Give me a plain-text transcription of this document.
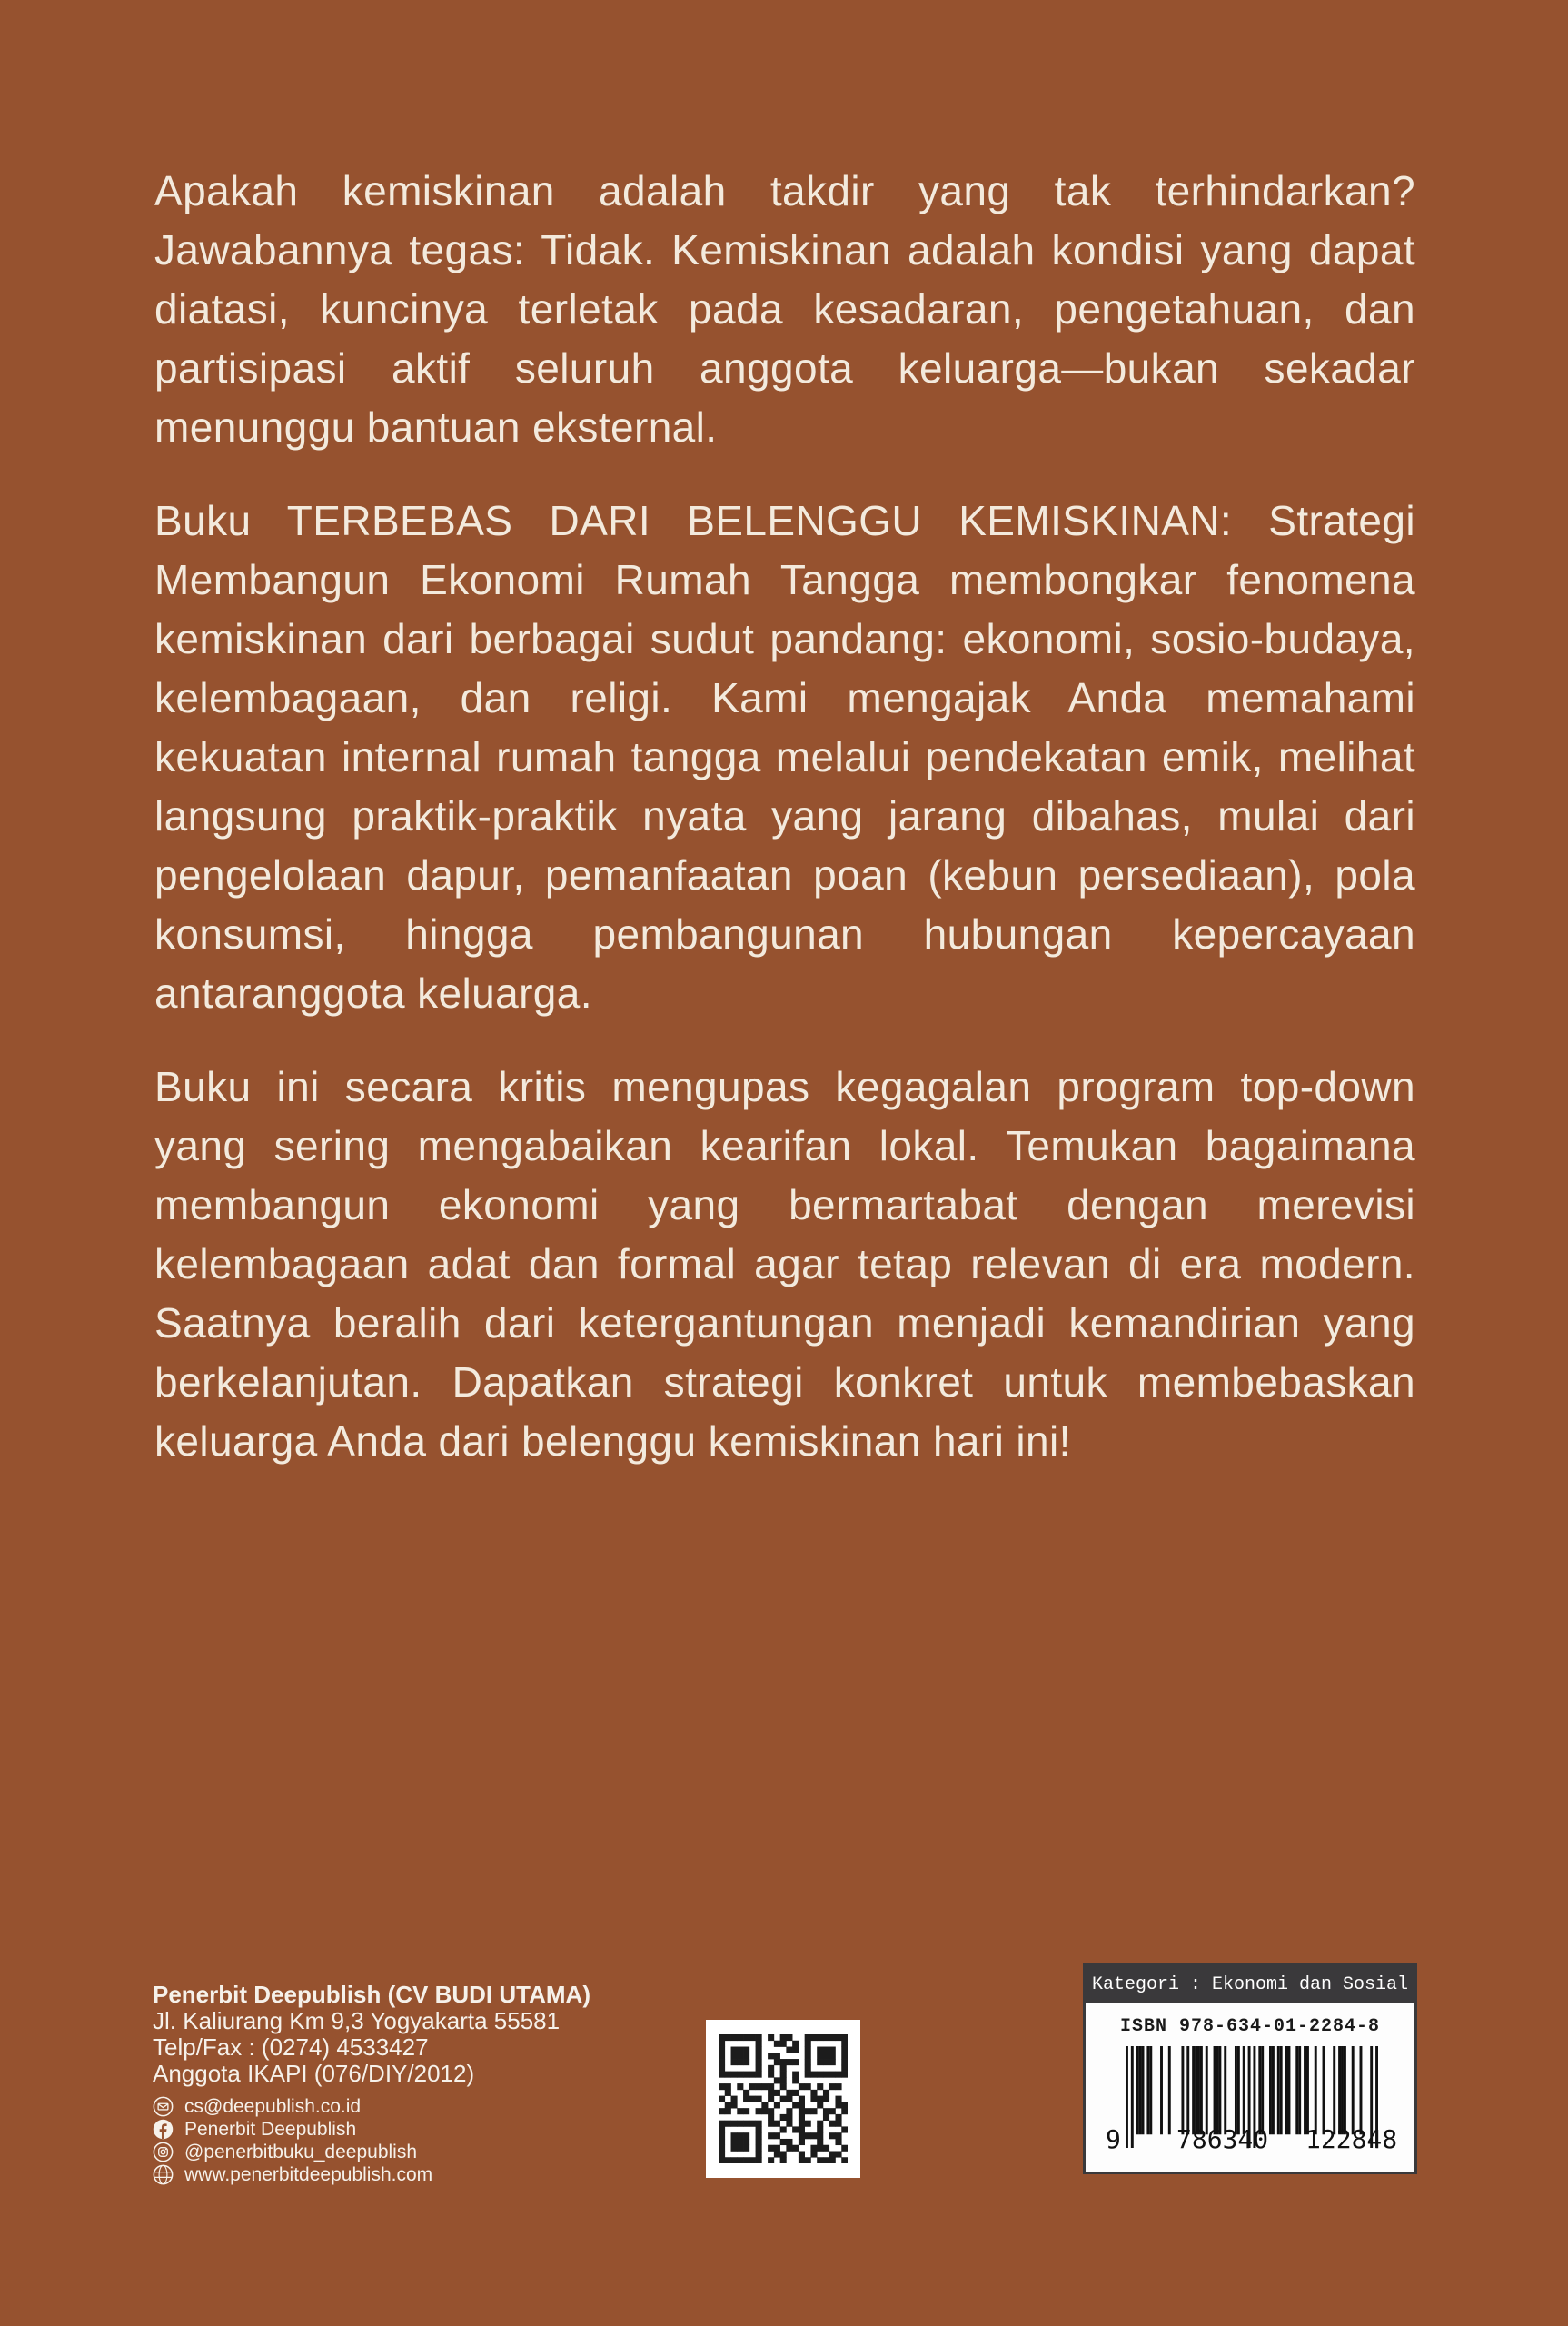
Apakah kemiskinan adalah takdir yang tak terhindarkan? Jawabannya tegas: Tidak. Kemiskinan adalah kondisi yang dapat diatasi, kuncinya terletak pada kesadaran, pengetahuan, dan partisipasi aktif seluruh anggota keluarga—bukan sekadar menunggu bantuan eksternal.

Buku TERBEBAS DARI BELENGGU KEMISKINAN: Strategi Membangun Ekonomi Rumah Tangga membongkar fenomena kemiskinan dari berbagai sudut pandang: ekonomi, sosio-budaya, kelembagaan, dan religi. Kami mengajak Anda memahami kekuatan internal rumah tangga melalui pendekatan emik, melihat langsung praktik-praktik nyata yang jarang dibahas, mulai dari pengelolaan dapur, pemanfaatan poan (kebun persediaan), pola konsumsi, hingga pembangunan hubungan kepercayaan antaranggota keluarga.

Buku ini secara kritis mengupas kegagalan program top-down yang sering mengabaikan kearifan lokal. Temukan bagaimana membangun ekonomi yang bermartabat dengan merevisi kelembagaan adat dan formal agar tetap relevan di era modern. Saatnya beralih dari ketergantungan menjadi kemandirian yang berkelanjutan. Dapatkan strategi konkret untuk membebaskan keluarga Anda dari belenggu kemiskinan hari ini!

Penerbit Deepublish (CV BUDI UTAMA)
Jl. Kaliurang Km 9,3 Yogyakarta 55581
Telp/Fax : (0274) 4533427
Anggota IKAPI (076/DIY/2012)
cs@deepublish.co.id
Penerbit Deepublish
@penerbitbuku_deepublish
www.penerbitdeepublish.com
Kategori : Ekonomi dan Sosial
ISBN 978-634-01-2284-8
9 786340 122848
